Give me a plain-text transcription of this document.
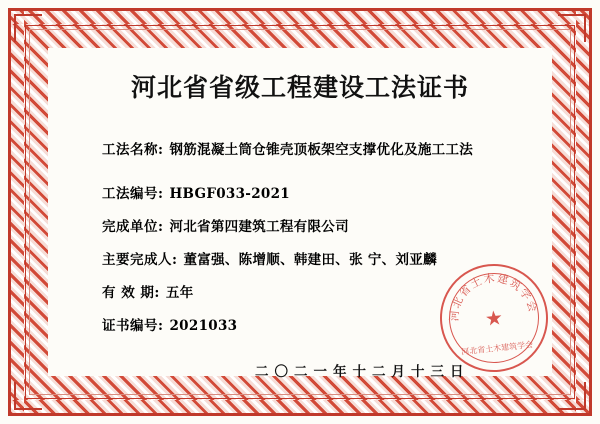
河北省省级工程建设工法证书
工法名称: 钢筋混凝土筒仓锥壳顶板架空支撑优化及施工工法
工法编号: HBGF033-2021
完成单位: 河北省第四建筑工程有限公司
主要完成人: 董富强、陈增顺、韩建田、张 宁、刘亚麟
有 效 期: 五年
证书编号: 2021033
二〇二一年十二月十三日
河北省土木建筑学会
★
河北省土木建筑学会
